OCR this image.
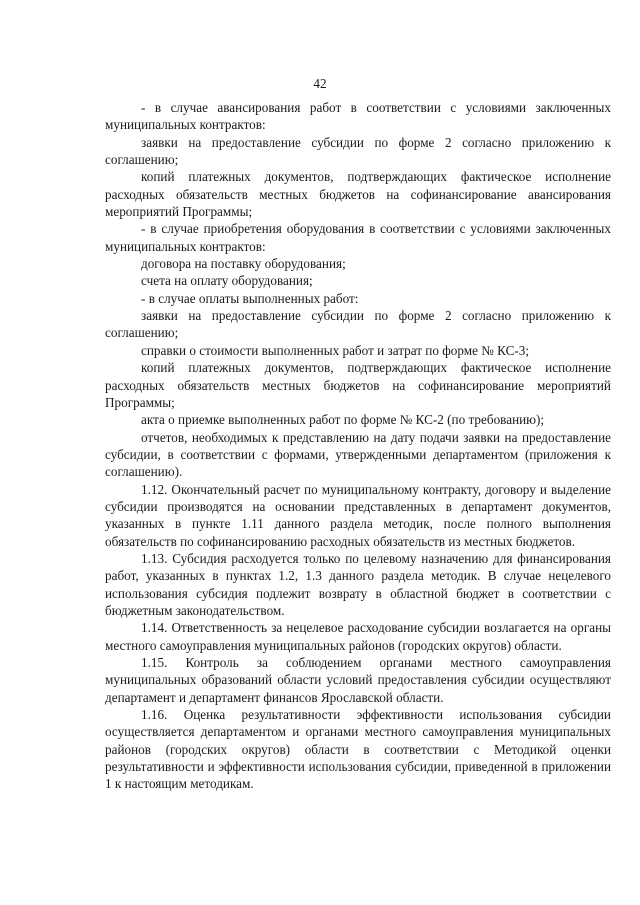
42

- в случае авансирования работ в соответствии с условиями заключенных муниципальных контрактов:

заявки на предоставление субсидии по форме 2 согласно приложению к соглашению;

копий платежных документов, подтверждающих фактическое исполнение расходных обязательств местных бюджетов на софинансирование авансирования мероприятий Программы;

- в случае приобретения оборудования в соответствии с условиями заключенных муниципальных контрактов:

договора на поставку оборудования;

счета на оплату оборудования;

- в случае оплаты выполненных работ:

заявки на предоставление субсидии по форме 2 согласно приложению к соглашению;

справки о стоимости выполненных работ и затрат по форме № КС-3;

копий платежных документов, подтверждающих фактическое исполнение расходных обязательств местных бюджетов на софинансирование мероприятий Программы;

акта о приемке выполненных работ по форме № КС-2 (по требованию);

отчетов, необходимых к представлению на дату подачи заявки на предоставление субсидии, в соответствии с формами, утвержденными департаментом (приложения к соглашению).

1.12. Окончательный расчет по муниципальному контракту, договору и выделение субсидии производятся на основании представленных в департамент документов, указанных в пункте 1.11 данного раздела методик, после полного выполнения обязательств по софинансированию расходных обязательств из местных бюджетов.

1.13. Субсидия расходуется только по целевому назначению для финансирования работ, указанных в пунктах 1.2, 1.3 данного раздела методик. В случае нецелевого использования субсидия подлежит возврату в областной бюджет в соответствии с бюджетным законодательством.

1.14. Ответственность за нецелевое расходование субсидии возлагается на органы местного самоуправления муниципальных районов (городских округов) области.

1.15. Контроль за соблюдением органами местного самоуправления муниципальных образований области условий предоставления субсидии осуществляют департамент и департамент финансов Ярославской области.

1.16. Оценка результативности эффективности использования субсидии осуществляется департаментом и органами местного самоуправления муниципальных районов (городских округов) области в соответствии с Методикой оценки результативности и эффективности использования субсидии, приведенной в приложении 1 к настоящим методикам.
